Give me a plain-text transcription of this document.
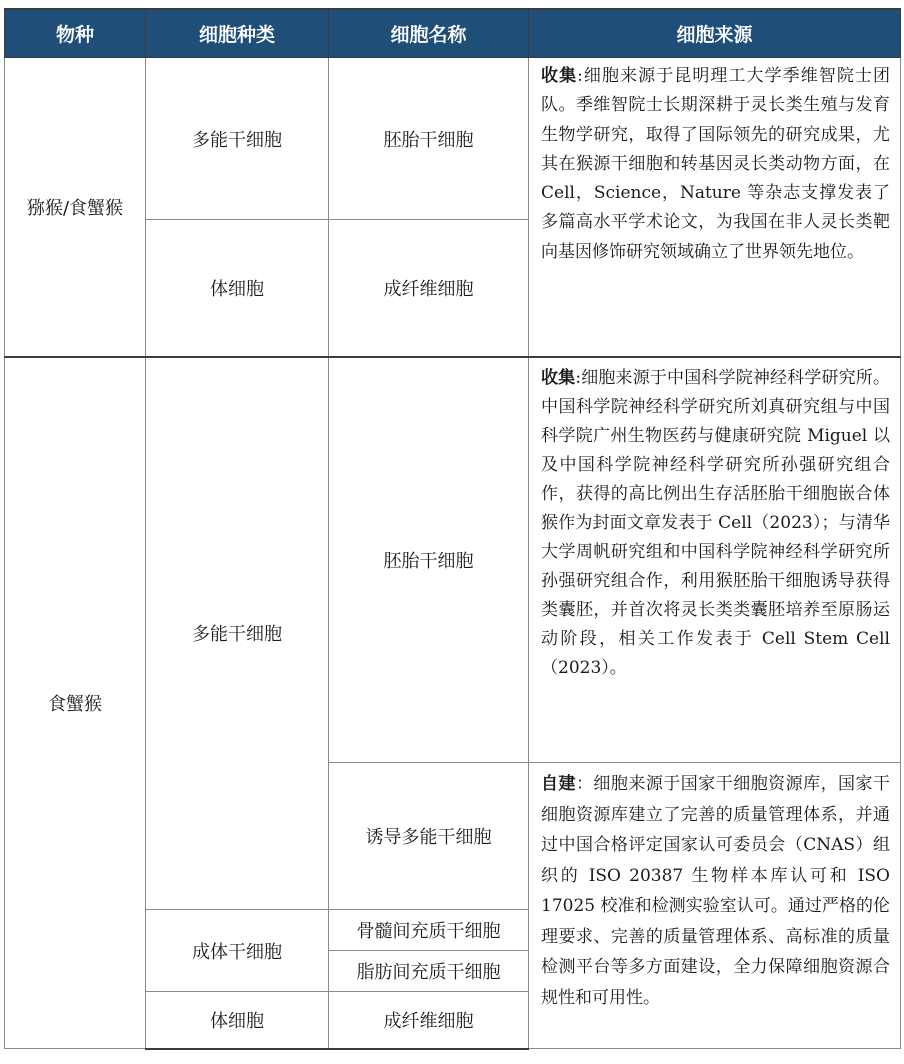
物种	细胞种类	细胞名称	细胞来源
猕猴/食蟹猴	多能干细胞	胚胎干细胞	收集:细胞来源于昆明理工大学季维智院士团队。季维智院士长期深耕于灵长类生殖与发育生物学研究，取得了国际领先的研究成果，尤其在猴源干细胞和转基因灵长类动物方面，在 Cell，Science，Nature 等杂志支撑发表了多篇高水平学术论文，为我国在非人灵长类靶向基因修饰研究领域确立了世界领先地位。
	体细胞	成纤维细胞	
食蟹猴	多能干细胞	胚胎干细胞	收集:细胞来源于中国科学院神经科学研究所。中国科学院神经科学研究所刘真研究组与中国科学院广州生物医药与健康研究院 Miguel 以及中国科学院神经科学研究所孙强研究组合作，获得的高比例出生存活胚胎干细胞嵌合体猴作为封面文章发表于 Cell（2023）；与清华大学周帆研究组和中国科学院神经科学研究所孙强研究组合作，利用猴胚胎干细胞诱导获得类囊胚，并首次将灵长类类囊胚培养至原肠运动阶段，相关工作发表于 Cell Stem Cell（2023）。
		诱导多能干细胞	自建：细胞来源于国家干细胞资源库，国家干细胞资源库建立了完善的质量管理体系，并通过中国合格评定国家认可委员会（CNAS）组织的 ISO 20387 生物样本库认可和 ISO 17025 校准和检测实验室认可。通过严格的伦理要求、完善的质量管理体系、高标准的质量检测平台等多方面建设，全力保障细胞资源合规性和可用性。
	成体干细胞	骨髓间充质干细胞	
		脂肪间充质干细胞	
	体细胞	成纤维细胞	
